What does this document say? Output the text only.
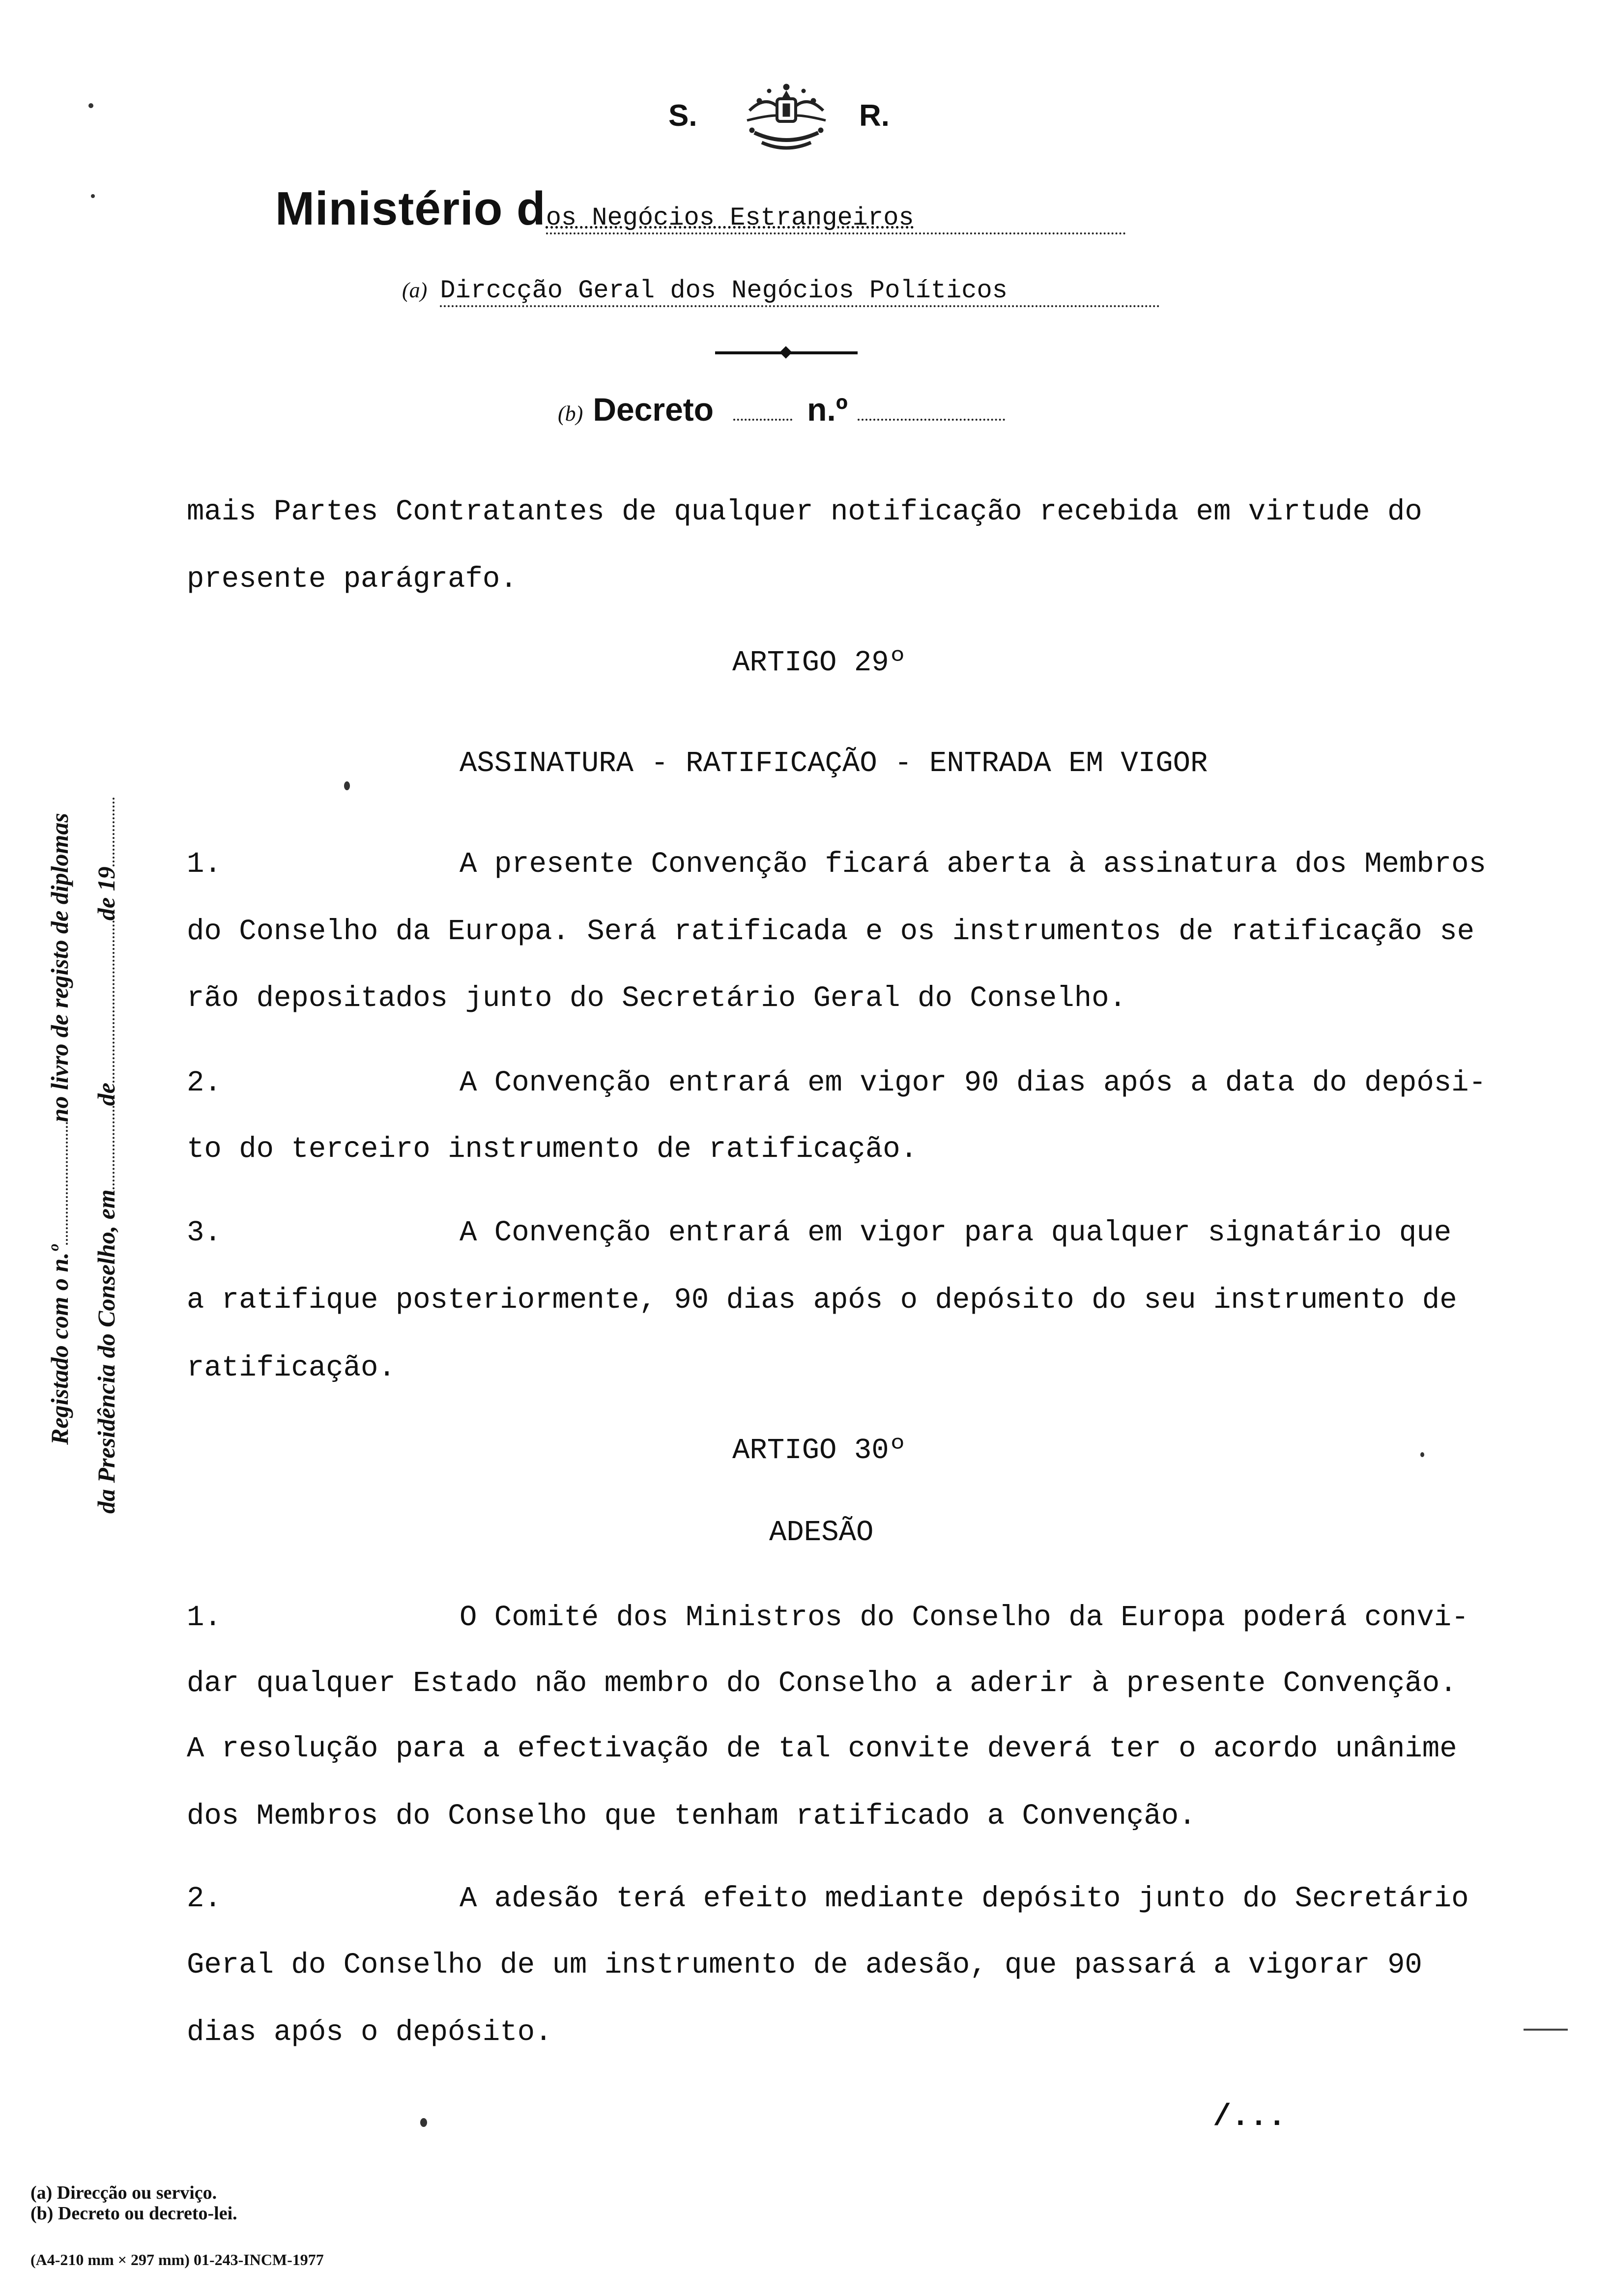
S.	R.
Ministério dos Negócios Estrangeiros
(a) Dirccção Geral dos Negócios Políticos
(b) Decreto	n.º
Registado com o n.ºno livro de registo de diplomas
da Presidência do Conselho, emdede 19
mais Partes Contratantes de qualquer notificação recebida em virtude do
presente parágrafo.
ARTIGO 29º
ASSINATURA - RATIFICAÇÃO - ENTRADA EM VIGOR
1.	A presente Convenção ficará aberta à assinatura dos Membros
do Conselho da Europa. Será ratificada e os instrumentos de ratificação se
rão depositados junto do Secretário Geral do Conselho.
2.	A Convenção entrará em vigor 90 dias após a data do depósi-
to do terceiro instrumento de ratificação.
3.	A Convenção entrará em vigor para qualquer signatário que
a ratifique posteriormente, 90 dias após o depósito do seu instrumento de
ratificação.
ARTIGO 30º
ADESÃO
1.	O Comité dos Ministros do Conselho da Europa poderá convi-
dar qualquer Estado não membro do Conselho a aderir à presente Convenção.
A resolução para a efectivação de tal convite deverá ter o acordo unânime
dos Membros do Conselho que tenham ratificado a Convenção.
2.	A adesão terá efeito mediante depósito junto do Secretário
Geral do Conselho de um instrumento de adesão, que passará a vigorar 90
dias após o depósito.
/...
(a) Direcção ou serviço.
(b) Decreto ou decreto-lei.
(A4-210 mm × 297 mm) 01-243-INCM-1977
